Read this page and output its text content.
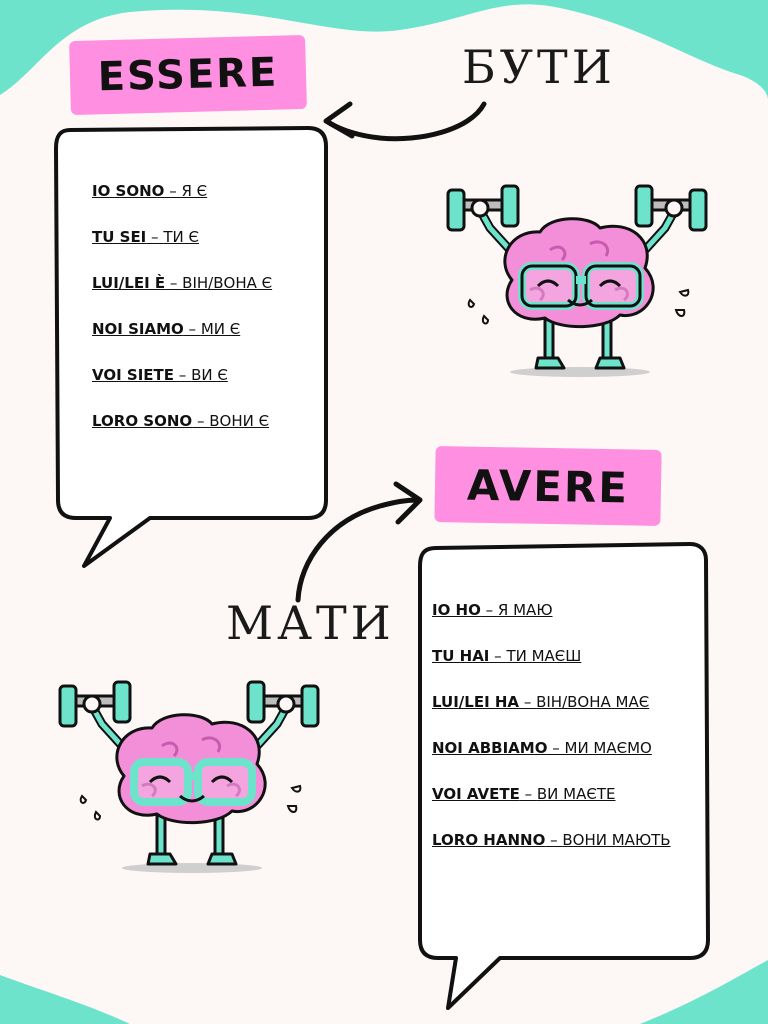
ESSERE	БУТИ
IO SONO – Я Є
TU SEI – ТИ Є
LUI/LEI È – ВІН/ВОНА Є
NOI SIAMO – МИ Є
VOI SIETE – ВИ Є
LORO SONO – ВОНИ Є
AVERE
МАТИ IO HO – Я МАЮ
TU HAI – ТИ МАЄШ
LUI/LEI HA – ВІН/ВОНА МАЄ
NOI ABBIAMO – МИ МАЄМО
VOI AVETE – ВИ МАЄТЕ
LORO HANNO – ВОНИ МАЮТЬ
